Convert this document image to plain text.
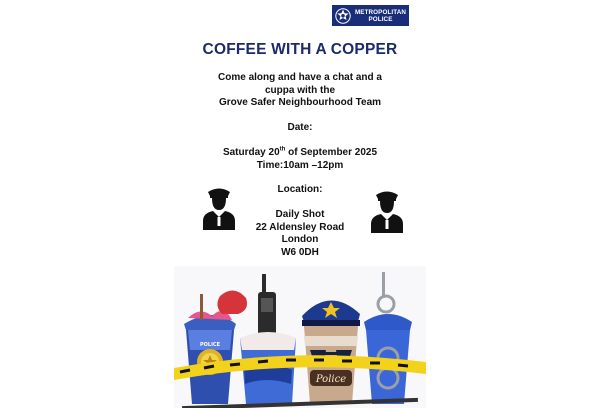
METROPOLITAN
POLICE
COFFEE WITH A COPPER
Come along and have a chat and a
cuppa with the
Grove Safer Neighbourhood Team
Date:
Saturday 20th of September 2025
Time:10am –12pm
Location:
Daily Shot
22 Aldensley Road
London
W6 0DH
Police
POLICE
